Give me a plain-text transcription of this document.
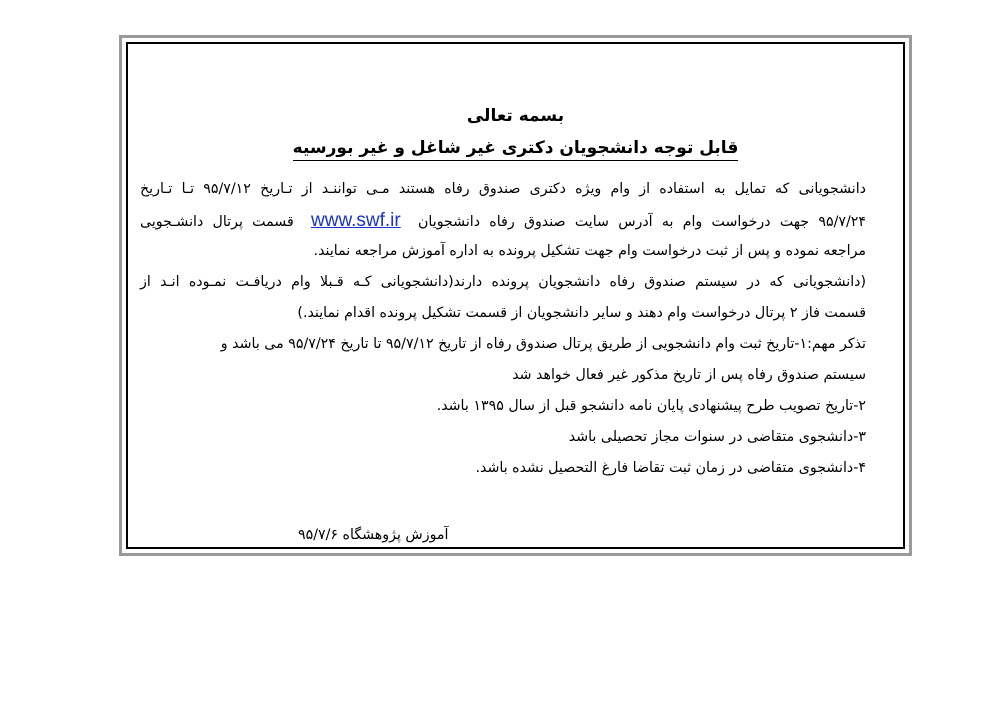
بسمه تعالی
قابل توجه دانشجویان دکتری غیر شاغل و غیر بورسیه
دانشجویانی که تمایل به استفاده از وام ویژه دکتری صندوق رفاه هستند مـی تواننـد از تـاریخ ۹۵/۷/۱۲ تـا تـاریخ
۹۵/۷/۲۴ جهت درخواست وام به آدرس سایت صندوق رفاه دانشجویان www.swf.ir قسمت پرتال دانشـجویی
مراجعه نموده و پس از ثبت درخواست وام جهت تشکیل پرونده به اداره آموزش مراجعه نمایند.
(دانشجویانی که در سیستم صندوق رفاه دانشجویان پرونده دارند(دانشجویانی کـه قـبلا وام دریافـت نمـوده انـد از
قسمت فاز ۲ پرتال درخواست وام دهند و سایر دانشجویان از قسمت تشکیل پرونده اقدام نمایند.)
تذکر مهم:۱-تاریخ ثبت وام دانشجویی از طریق پرتال صندوق رفاه از تاریخ ۹۵/۷/۱۲ تا تاریخ ۹۵/۷/۲۴ می باشد و
سیستم صندوق رفاه پس از تاریخ مذکور غیر فعال خواهد شد
۲-تاریخ تصویب طرح پیشنهادی پایان نامه دانشجو قبل از سال ۱۳۹۵ باشد.
۳-دانشجوی متقاضی در سنوات مجاز تحصیلی باشد
۴-دانشجوی متقاضی در زمان ثبت تقاضا فارغ التحصیل نشده باشد.
آموزش پژوهشگاه ۹۵/۷/۶
